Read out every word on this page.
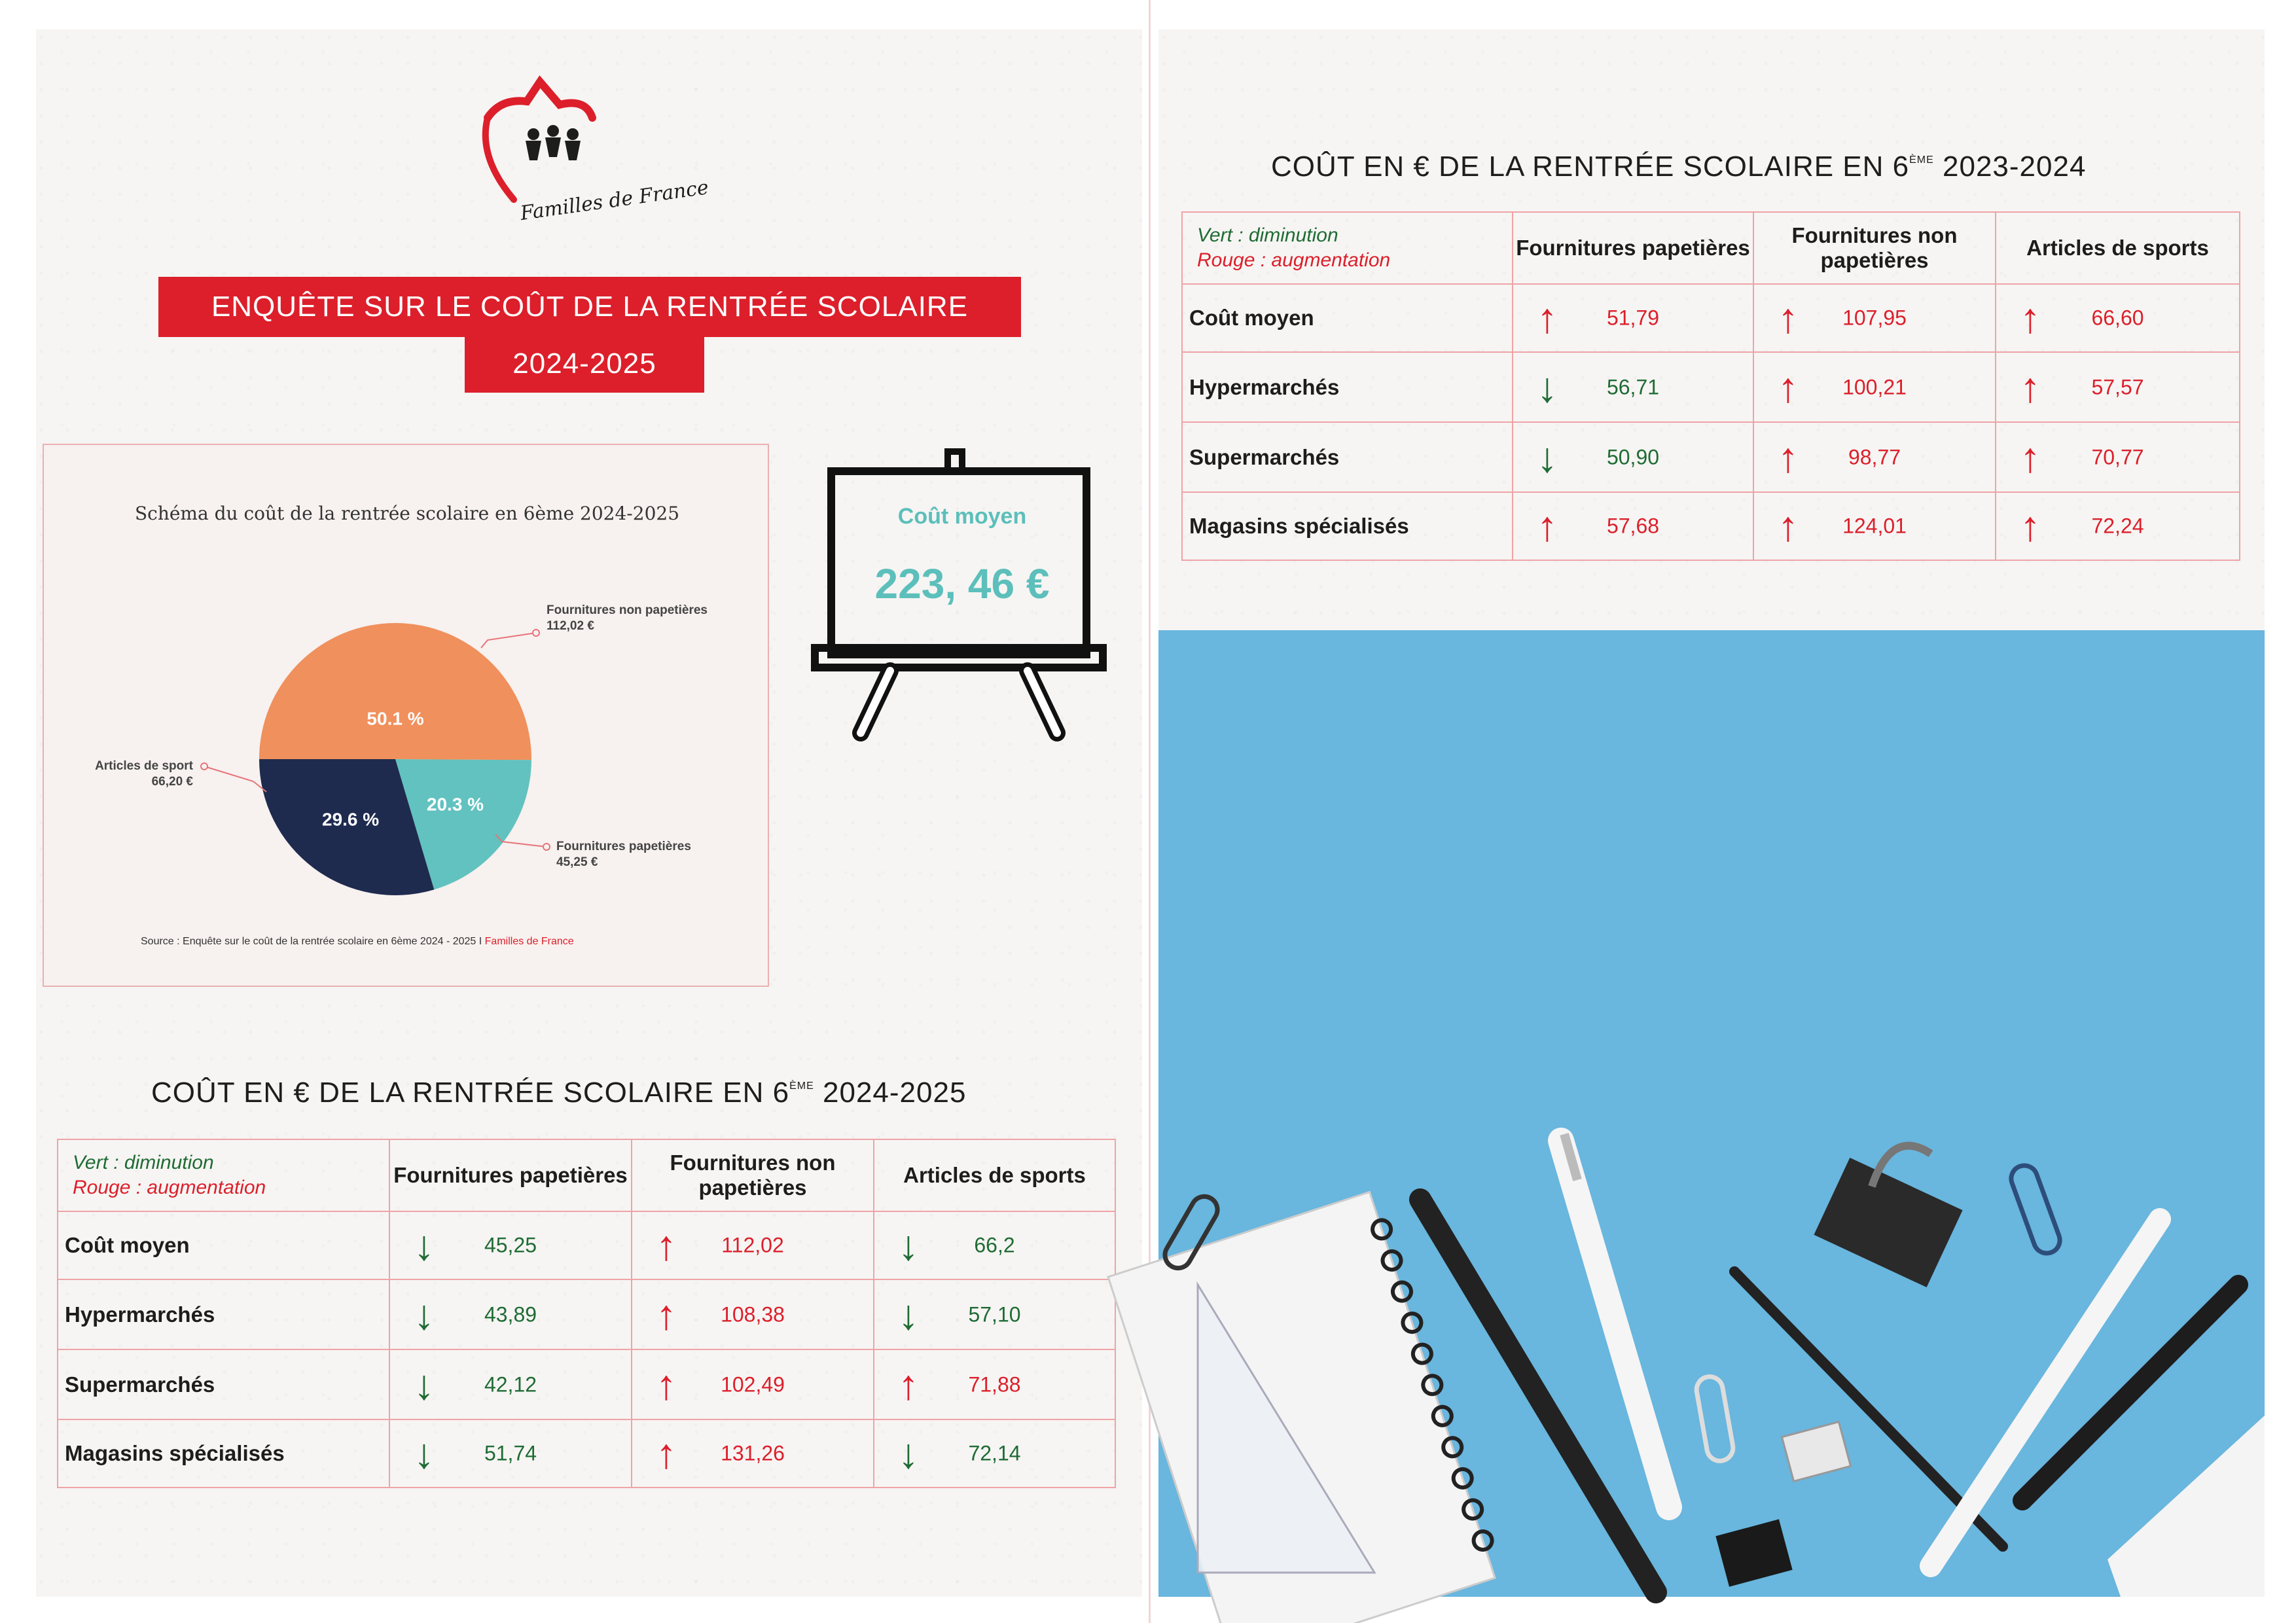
Familles de France
ENQUÊTE SUR LE COÛT DE LA RENTRÉE SCOLAIRE
2024-2025
Schéma du coût de la rentrée scolaire en 6ème 2024-2025
50.1 %
20.3 %
29.6 %
Fournitures non papetières
112,02 €
Fournitures papetières
45,25 €
Articles de sport
66,20 €
Source : Enquête sur le coût de la rentrée scolaire en 6ème 2024 - 2025 I Familles de France
Coût moyen
223, 46 €
COÛT EN € DE LA RENTRÉE SCOLAIRE EN 6ÈME 2024-2025
Vert : diminution
Rouge : augmentation	Fournitures papetières	Fournitures non papetières	Articles de sports
Coût moyen	↓ 45,25	↑ 112,02	↓ 66,2

Hypermarchés	↓ 43,89	↑ 108,38	↓ 57,10

Supermarchés	↓ 42,12	↑ 102,49	↑ 71,88

Magasins spécialisés	↓ 51,74	↑ 131,26	↓ 72,14
COÛT EN € DE LA RENTRÉE SCOLAIRE EN 6ÈME 2023-2024
Vert : diminution
Rouge : augmentation	Fournitures papetières	Fournitures non papetières	Articles de sports
Coût moyen	↑ 51,79	↑ 107,95	↑ 66,60

Hypermarchés	↓ 56,71	↑ 100,21	↑ 57,57

Supermarchés	↓ 50,90	↑ 98,77	↑ 70,77

Magasins spécialisés	↑ 57,68	↑ 124,01	↑ 72,24
